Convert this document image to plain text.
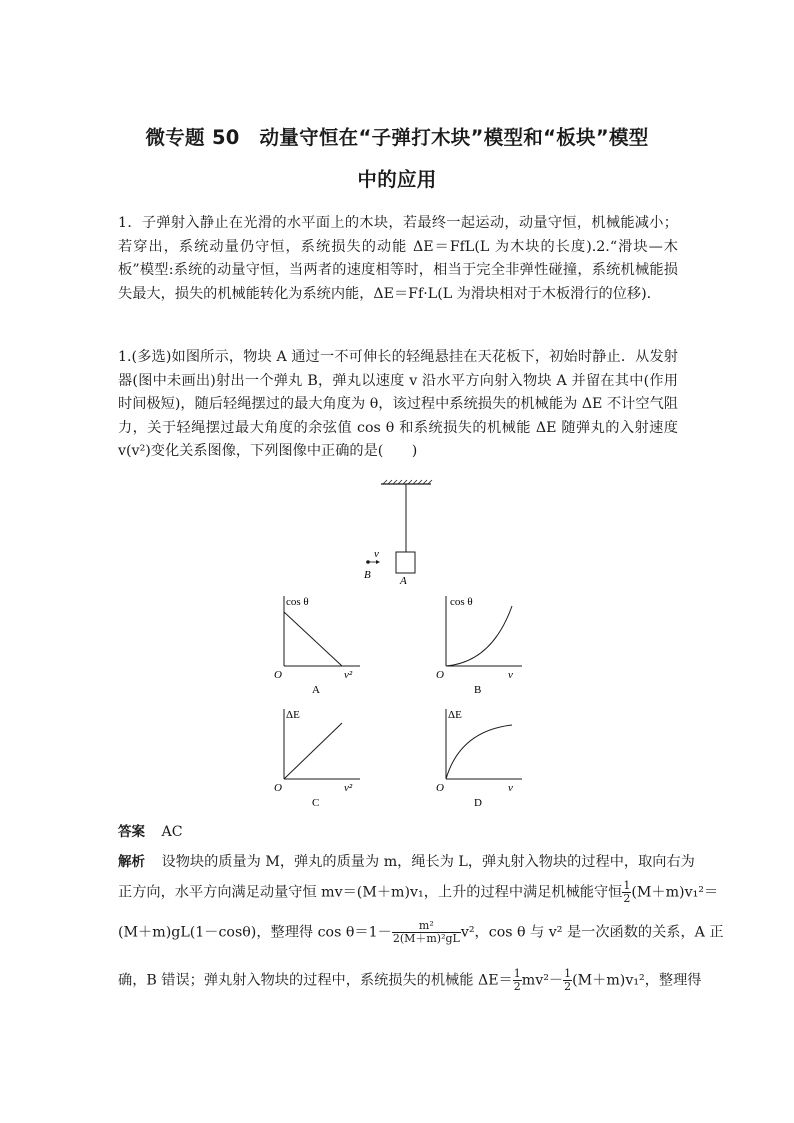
微专题 50　动量守恒在“子弹打木块”模型和“板块”模型
中的应用
1．子弹射入静止在光滑的水平面上的木块，若最终一起运动，动量守恒，机械能减小；若穿出，系统动量仍守恒，系统损失的动能 ΔE＝FfL(L 为木块的长度).2.“滑块—木板”模型:系统的动量守恒，当两者的速度相等时，相当于完全非弹性碰撞，系统机械能损失最大，损失的机械能转化为系统内能，ΔE＝Ff·L(L 为滑块相对于木板滑行的位移).
1.(多选)如图所示，物块 A 通过一不可伸长的轻绳悬挂在天花板下，初始时静止．从发射器(图中未画出)射出一个弹丸 B，弹丸以速度 v 沿水平方向射入物块 A 并留在其中(作用时间极短)，随后轻绳摆过的最大角度为 θ，该过程中系统损失的机械能为 ΔE 不计空气阻力，关于轻绳摆过最大角度的余弦值 cos θ 和系统损失的机械能 ΔE 随弹丸的入射速度 v(v²)变化关系图像，下列图像中正确的是(　　)
v
B	A
cos θ
O	v²
A
cos θ
O	v
B
ΔE
O	v²
C
ΔE
O	v
D
答案 AC
解析 设物块的质量为 M，弹丸的质量为 m，绳长为 L，弹丸射入物块的过程中，取向右为
正方向，水平方向满足动量守恒 mv＝(M＋m)v₁，上升的过程中满足机械能守恒 $\frac{1}{2} (M+m)v_1^2=$
(M＋m)gL(1－cosθ)，整理得 $\cos \theta=1- \frac{\text{m²}}{\text{2(M＋m)²gL}} v^2$，cos θ 与 v² 是一次函数的关系，A 正
确，B 错误；弹丸射入物块的过程中，系统损失的机械能 $\Delta E= \frac{1}{2} mv^2- \frac{1}{2} (M+m)v_1^2$，整理得
